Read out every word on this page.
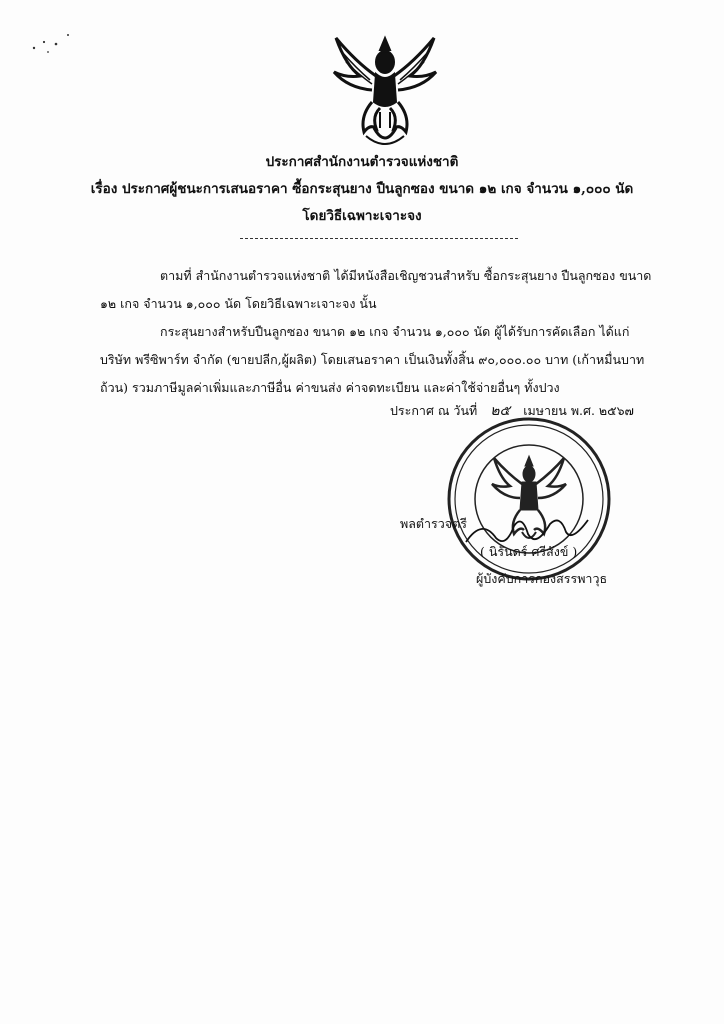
ประกาศสำนักงานตำรวจแห่งชาติ
เรื่อง ประกาศผู้ชนะการเสนอราคา ซื้อกระสุนยาง ปืนลูกซอง ขนาด ๑๒ เกจ จำนวน ๑,๐๐๐ นัด
โดยวิธีเฉพาะเจาะจง
ตามที่ สำนักงานตำรวจแห่งชาติ ได้มีหนังสือเชิญชวนสำหรับ ซื้อกระสุนยาง ปืนลูกซอง ขนาด ๑๒ เกจ จำนวน ๑,๐๐๐ นัด โดยวิธีเฉพาะเจาะจง นั้น
กระสุนยางสำหรับปืนลูกซอง ขนาด ๑๒ เกจ จำนวน ๑,๐๐๐ นัด ผู้ได้รับการคัดเลือก ได้แก่ บริษัท พรีซิพาร์ท จำกัด (ขายปลีก,ผู้ผลิต) โดยเสนอราคา เป็นเงินทั้งสิ้น ๙๐,๐๐๐.๐๐ บาท (เก้าหมื่นบาทถ้วน) รวมภาษีมูลค่าเพิ่มและภาษีอื่น ค่าขนส่ง ค่าจดทะเบียน และค่าใช้จ่ายอื่นๆ ทั้งปวง
ประกาศ ณ วันที่ ๒๕ เมษายน พ.ศ. ๒๕๖๗
พลตำรวจตรี
( นิรันดร์ ศรีสังข์ )
ผู้บังคับการกองสรรพาวุธ
